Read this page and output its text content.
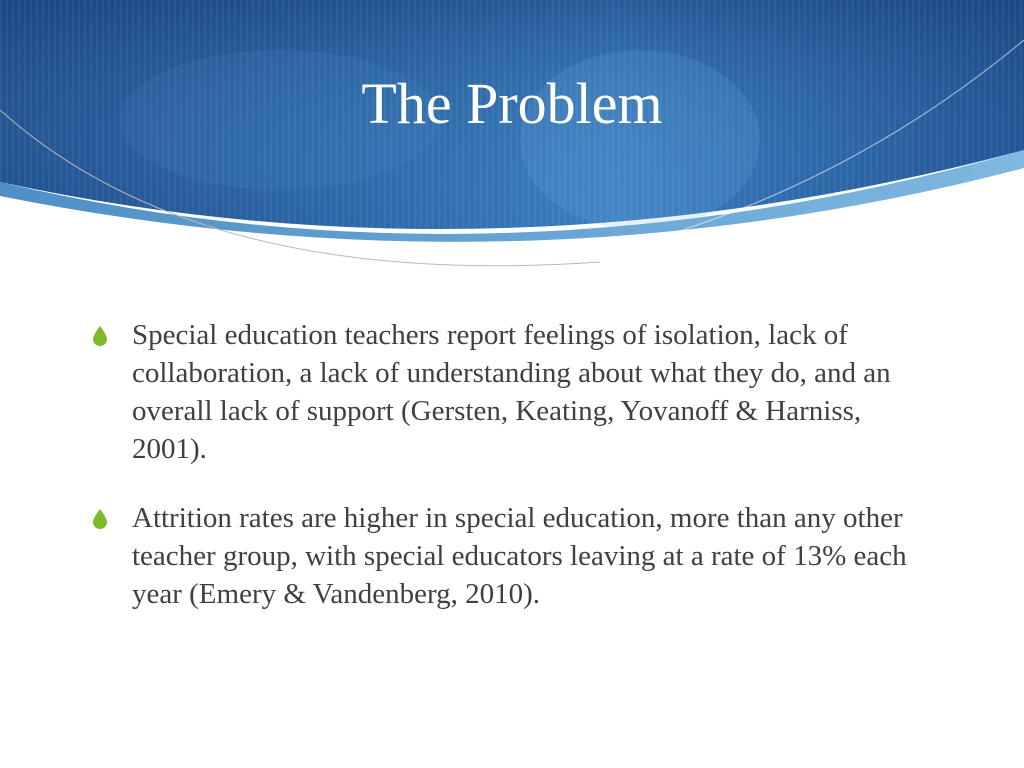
The Problem
Special education teachers report feelings of isolation, lack of collaboration, a lack of understanding about what they do, and an overall lack of support (Gersten, Keating, Yovanoff & Harniss, 2001).
Attrition rates are higher in special education, more than any other teacher group, with special educators leaving at a rate of 13% each year (Emery & Vandenberg, 2010).
